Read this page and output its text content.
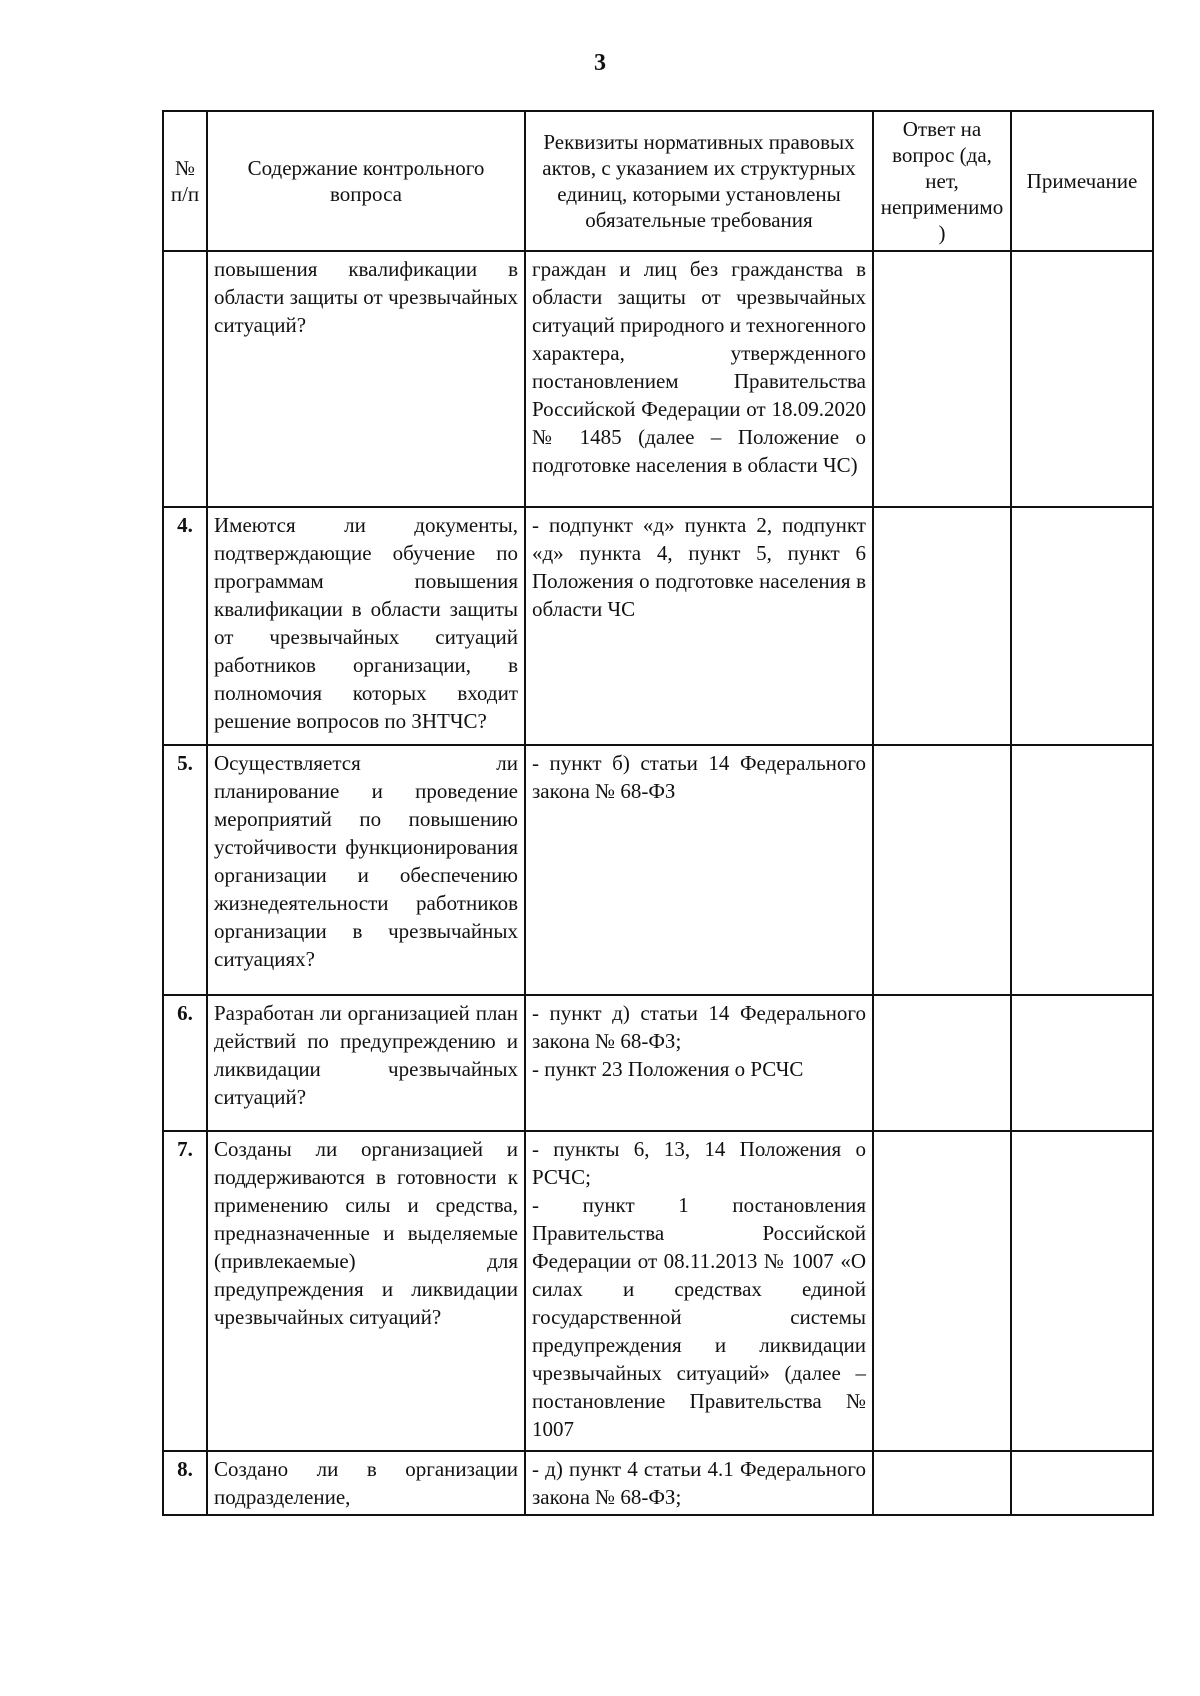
3
№ п/п	Содержание контрольного вопроса	Реквизиты нормативных правовых актов, с указанием их структурных единиц, которыми установлены обязательные требования	Ответ на вопрос (да, нет, неприменимо)	Примечание
	повышения квалификации в области защиты от чрезвычайных ситуаций?	граждан и лиц без гражданства в области защиты от чрезвычайных ситуаций природного и техногенного характера, утвержденного постановлением Правительства Российской Федерации от 18.09.2020 № 1485 (далее – Положение о подготовке населения в области ЧС)		

4.	Имеются ли документы, подтверждающие обучение по программам повышения квалификации в области защиты от чрезвычайных ситуаций работников организации, в полномочия которых входит решение вопросов по ЗНТЧС?	- подпункт «д» пункта 2, подпункт «д» пункта 4, пункт 5, пункт 6 Положения о подготовке населения в области ЧС		

5.	Осуществляется ли планирование и проведение мероприятий по повышению устойчивости функционирования организации и обеспечению жизнедеятельности работников организации в чрезвычайных ситуациях?	- пункт б) статьи 14 Федерального закона № 68-ФЗ		

6.	Разработан ли организацией план действий по предупреждению и ликвидации чрезвычайных ситуаций?	- пункт д) статьи 14 Федерального закона № 68-ФЗ;
- пункт 23 Положения о РСЧС		

7.	Созданы ли организацией и поддерживаются в готовности к применению силы и средства, предназначенные и выделяемые (привлекаемые) для предупреждения и ликвидации чрезвычайных ситуаций?	- пункты 6, 13, 14 Положения о РСЧС;
- пункт 1 постановления Правительства Российской Федерации от 08.11.2013 № 1007 «О силах и средствах единой государственной системы предупреждения и ликвидации чрезвычайных ситуаций» (далее – постановление Правительства № 1007		

8.	Создано ли в организации подразделение,	- д) пункт 4 статьи 4.1 Федерального закона № 68-ФЗ;		
